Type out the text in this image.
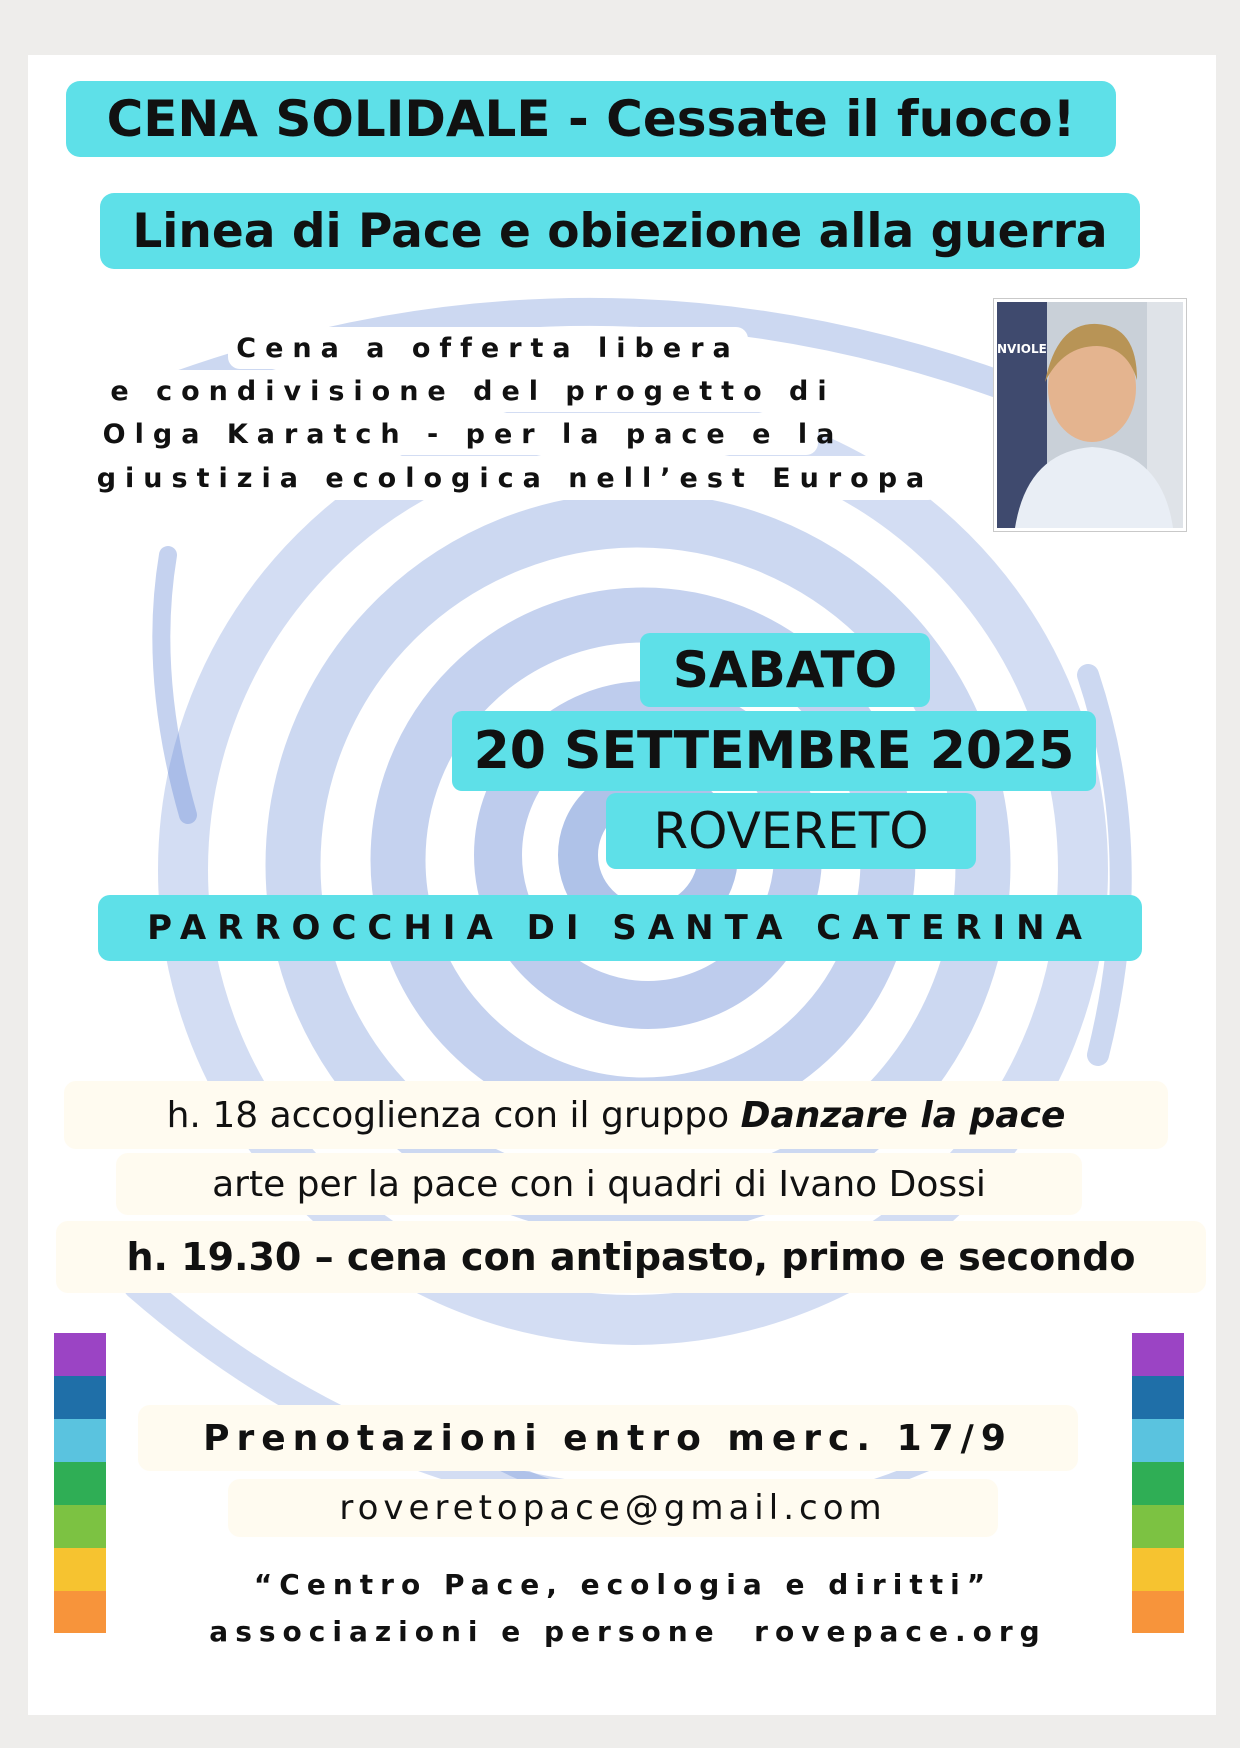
CENA SOLIDALE - Cessate il fuoco!
Linea di Pace e obiezione alla guerra
Cena a offerta libera
e condivisione del progetto di
Olga Karatch - per la pace e la
giustizia ecologica nell’est Europa
NVIOLE
SABATO
20 SETTEMBRE 2025
ROVERETO
PARROCCHIA DI SANTA CATERINA
h. 18 accoglienza con il gruppo Danzare la pace
arte per la pace con i quadri di Ivano Dossi
h. 19.30 – cena con antipasto, primo e secondo
Prenotazioni entro merc. 17/9
roveretopace@gmail.com
“Centro Pace, ecologia e diritti”
associazioni e persone  rovepace.org
